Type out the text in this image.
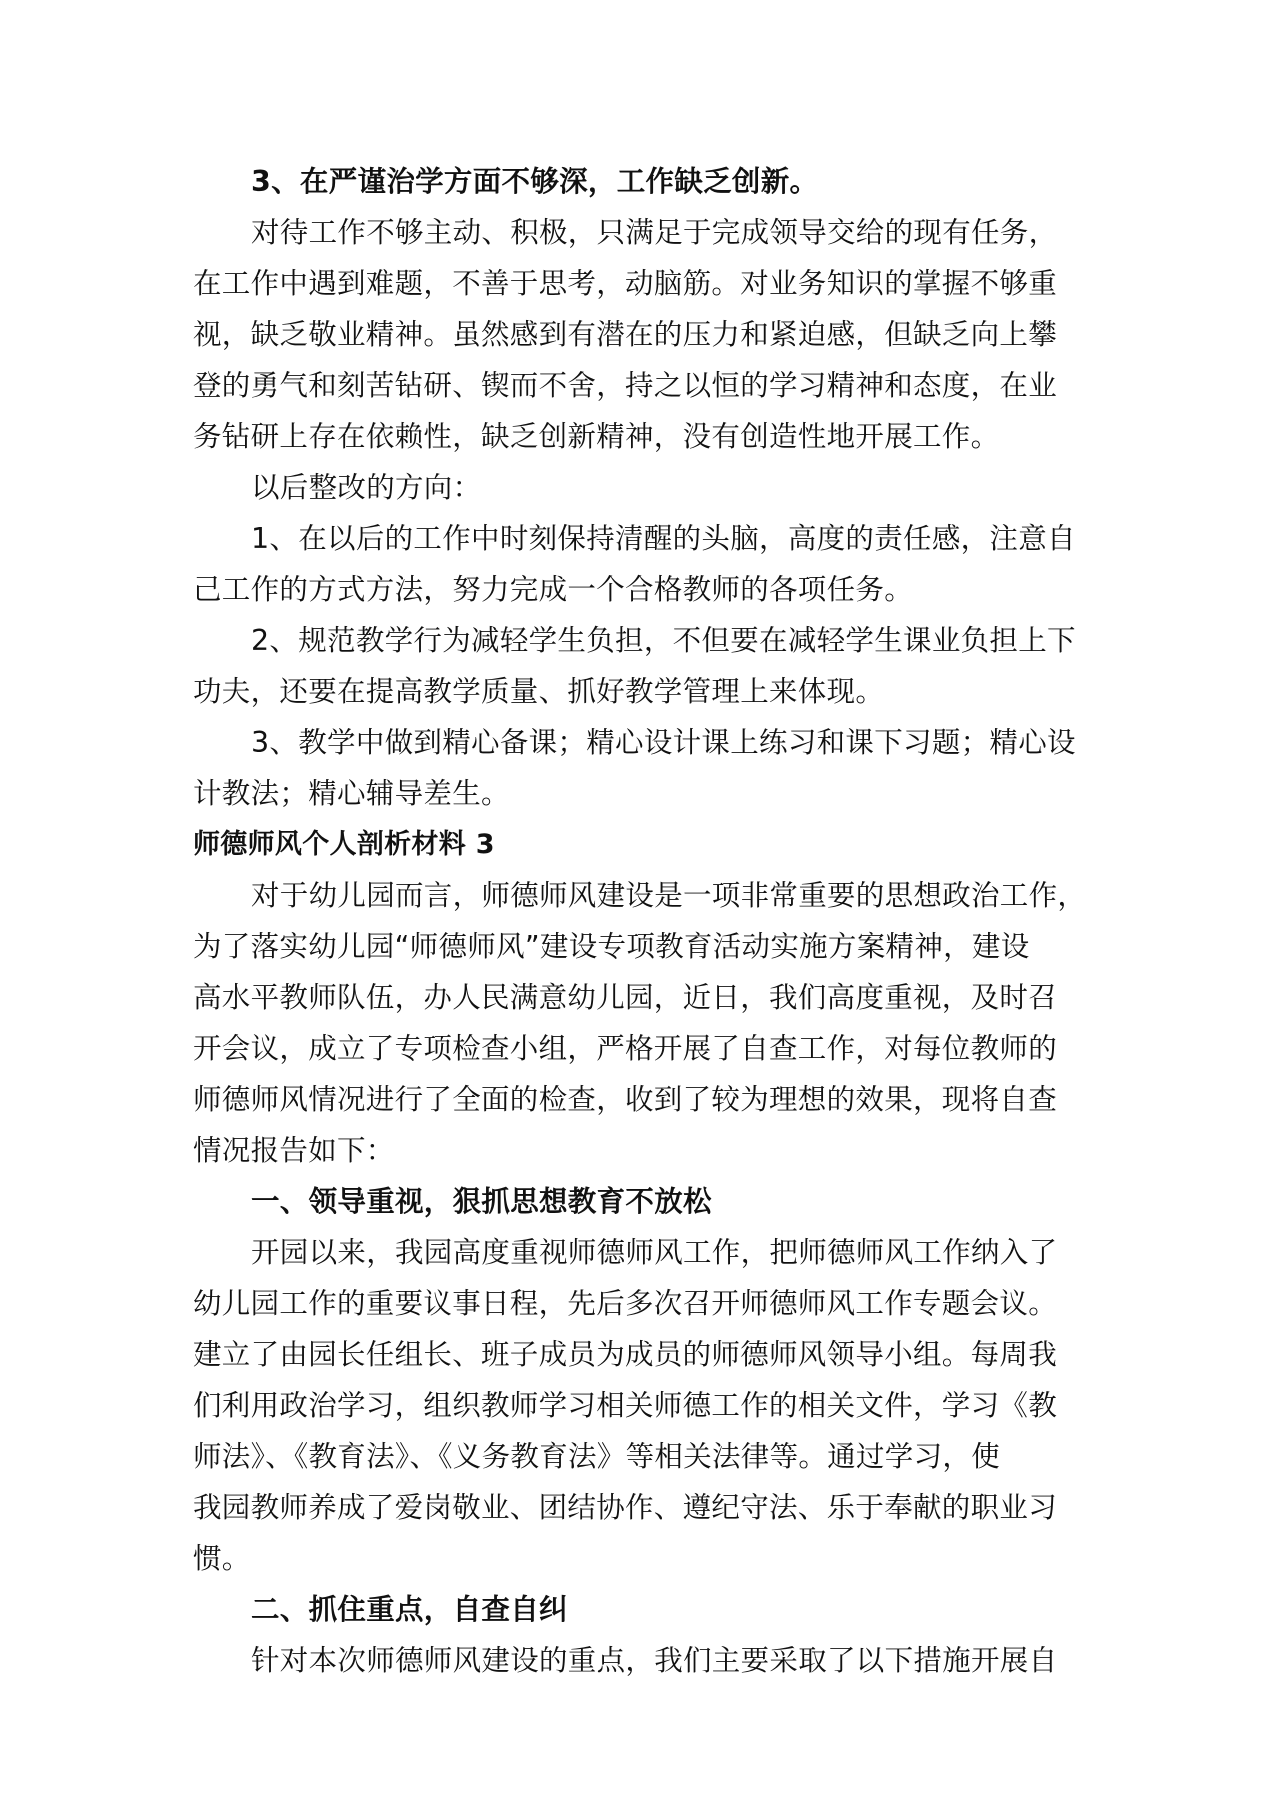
3、在严谨治学方面不够深，工作缺乏创新。

对待工作不够主动、积极，只满足于完成领导交给的现有任务，

在工作中遇到难题，不善于思考，动脑筋。对业务知识的掌握不够重

视，缺乏敬业精神。虽然感到有潜在的压力和紧迫感，但缺乏向上攀

登的勇气和刻苦钻研、锲而不舍，持之以恒的学习精神和态度，在业

务钻研上存在依赖性，缺乏创新精神，没有创造性地开展工作。

以后整改的方向：

1、在以后的工作中时刻保持清醒的头脑，高度的责任感，注意自

己工作的方式方法，努力完成一个合格教师的各项任务。

2、规范教学行为减轻学生负担，不但要在减轻学生课业负担上下

功夫，还要在提高教学质量、抓好教学管理上来体现。

3、教学中做到精心备课；精心设计课上练习和课下习题；精心设

计教法；精心辅导差生。

师德师风个人剖析材料 3

对于幼儿园而言，师德师风建设是一项非常重要的思想政治工作，

为了落实幼儿园“师德师风”建设专项教育活动实施方案精神，建设

高水平教师队伍，办人民满意幼儿园，近日，我们高度重视，及时召

开会议，成立了专项检查小组，严格开展了自查工作，对每位教师的

师德师风情况进行了全面的检查，收到了较为理想的效果，现将自查

情况报告如下：

一、领导重视，狠抓思想教育不放松

开园以来，我园高度重视师德师风工作，把师德师风工作纳入了

幼儿园工作的重要议事日程，先后多次召开师德师风工作专题会议。

建立了由园长任组长、班子成员为成员的师德师风领导小组。每周我

们利用政治学习，组织教师学习相关师德工作的相关文件，学习《教

师法》、《教育法》、《义务教育法》等相关法律等。通过学习，使

我园教师养成了爱岗敬业、团结协作、遵纪守法、乐于奉献的职业习

惯。

二、抓住重点，自查自纠

针对本次师德师风建设的重点，我们主要采取了以下措施开展自
